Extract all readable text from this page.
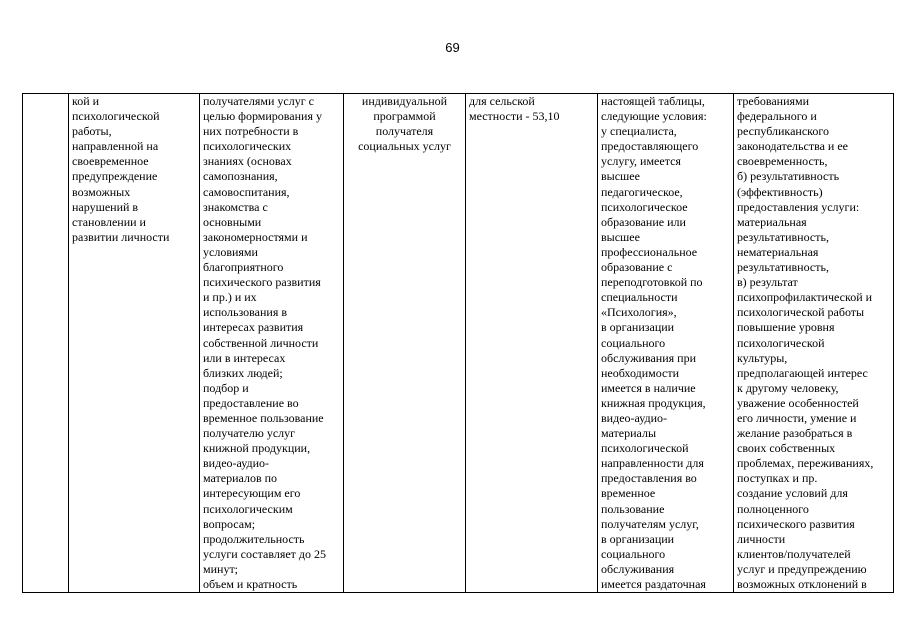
69

кой и
психологической
работы,
направленной на
своевременное
предупреждение
возможных
нарушений в
становлении и
развитии личности

получателями услуг с
целью формирования у
них потребности в
психологических
знаниях (основах
самопознания,
самовоспитания,
знакомства с
основными
закономерностями и
условиями
благоприятного
психического развития
и пр.) и их
использования в
интересах развития
собственной личности
или в интересах
близких людей;
подбор и
предоставление во
временное пользование
получателю услуг
книжной продукции,
видео-аудио-
материалов по
интересующим его
психологическим
вопросам;
продолжительность
услуги составляет до 25
минут;
объем и кратность

индивидуальной
программой
получателя
социальных услуг

для сельской
местности - 53,10

настоящей таблицы,
следующие условия:
у специалиста,
предоставляющего
услугу, имеется
высшее
педагогическое,
психологическое
образование или
высшее
профессиональное
образование с
переподготовкой по
специальности
«Психология»,
в организации
социального
обслуживания при
необходимости
имеется в наличие
книжная продукция,
видео-аудио-
материалы
психологической
направленности для
предоставления во
временное
пользование
получателям услуг,
в организации
социального
обслуживания
имеется раздаточная

требованиями
федерального и
республиканского
законодательства и ее
своевременность,
б) результативность
(эффективность)
предоставления услуги:
материальная
результативность,
нематериальная
результативность,
в) результат
психопрофилактической и
психологической работы
повышение уровня
психологической
культуры,
предполагающей интерес
к другому человеку,
уважение особенностей
его личности, умение и
желание разобраться в
своих собственных
проблемах, переживаниях,
поступках и пр.
создание условий для
полноценного
психического развития
личности
клиентов/получателей
услуг и предупреждению
возможных отклонений в
